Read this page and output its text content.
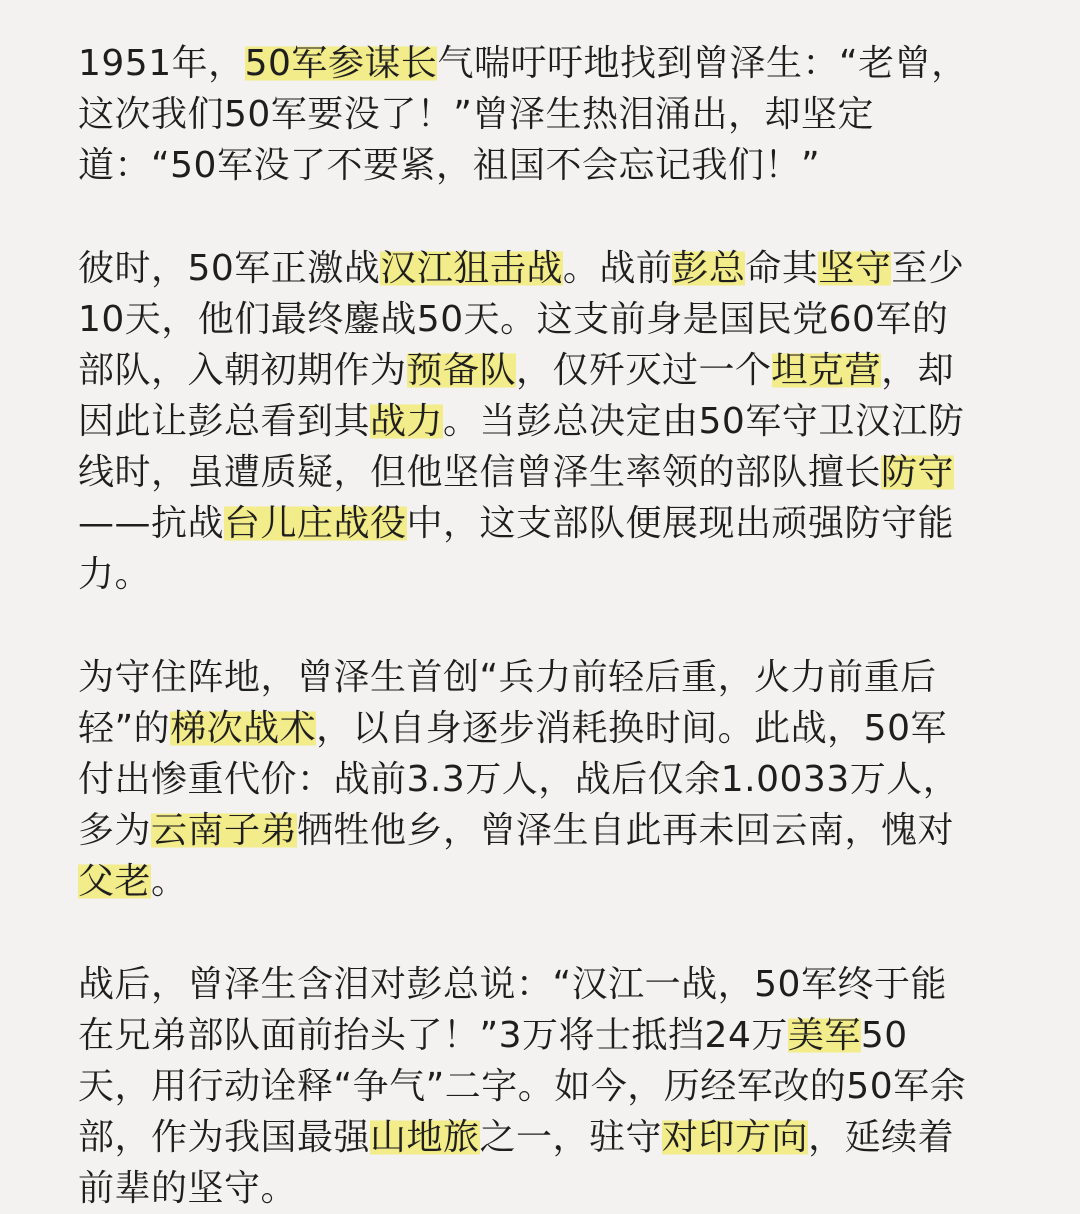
1951年，50军参谋长气喘吁吁地找到曾泽生：“老曾，这次我们50军要没了！”曾泽生热泪涌出，却坚定道：“50军没了不要紧，祖国不会忘记我们！”

彼时，50军正激战汉江狙击战。战前彭总命其坚守至少10天，他们最终鏖战50天。这支前身是国民党60军的部队，入朝初期作为预备队，仅歼灭过一个坦克营，却因此让彭总看到其战力。当彭总决定由50军守卫汉江防线时，虽遭质疑，但他坚信曾泽生率领的部队擅长防守——抗战台儿庄战役中，这支部队便展现出顽强防守能力。

为守住阵地，曾泽生首创“兵力前轻后重，火力前重后轻”的梯次战术，以自身逐步消耗换时间。此战，50军付出惨重代价：战前3.3万人，战后仅余1.0033万人，多为云南子弟牺牲他乡，曾泽生自此再未回云南，愧对父老。

战后，曾泽生含泪对彭总说：“汉江一战，50军终于能在兄弟部队面前抬头了！”3万将士抵挡24万美军50天，用行动诠释“争气”二字。如今，历经军改的50军余部，作为我国最强山地旅之一，驻守对印方向，延续着前辈的坚守。
